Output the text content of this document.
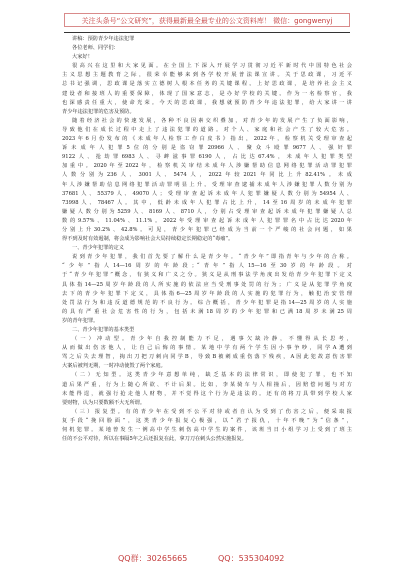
关注头条号“公文研究”，获得最新最全最专业的公文资料库！ 微信：gongwenyj
讲稿：预防青少年违法犯罪
各位老师、同学们：
大家好！
很高兴在这里和大家见面。在全国上下深入开展学习贯彻习近平新时代中国特色社会
主义思想主题教育之际，很荣幸能够来到各学校开展普法课宣讲。关于思政课，习近平
总书记强调，思政课是落实立德树人根本任务的关键课程。上好思政课，是培养社会主义
建设者和接班人的重要保障，体现了国家意志，是办好学校的关键。作为一名检察官，我
也深感责任重大，使命光荣。今天的思政课，我想就预防青少年违法犯罪，给大家讲一讲
青少年违法犯罪的危害及预防。
随着经济社会的快速发展，各种不良因素交织叠加，对青少年的发展产生了负面影响，
导致他们在成长过程中走上了违法犯罪的道路。对个人、家庭和社会产生了较大危害。
2023年6月份发布的《未成年人检察工作白皮书》指出，2022年，检察机关受理审查起
诉未成年人犯罪5位的分别是盗窃罪20966人、聚众斗殴罪9677人、强奸罪
9122人、抢劫罪6983人、寻衅滋事罪6190人，占比达67.4%，未成年人犯罪类型
加重中。2020年至2022年，检察机关审结未成年人涉嫌帮助信息网络犯罪活动罪犯罪
人数分别为236人、3001人、5474人，2022年较2021年同比上升82.41%。未成
年人涉嫌帮助信息网络犯罪活动罪明显上升。受理审查逮捕未成年人涉嫌犯罪人数分别为
37681人、55379人、49070人；受理审查起诉未成年人犯罪嫌疑人数分别为54954人、
73998人、78467人。其中，低龄未成年人犯罪占比上升，14至16周岁的未成年犯罪
嫌疑人数分别为5259人、8169人、8710人，分别占受理审查起诉未成年犯罪嫌疑人总
数的9.57%、11.04%、11.1%。2022年受理审查起诉未成年人犯罪罪名中占比达2020年
分别上升30.2%、42.8%。可见，青少年犯罪已经成为当前一个严峻的社会问题，如果
得不到及时有效遏制，将会成为影响社会大局持续稳定长期稳定的“毒瘤”。
一、青少年犯罪的定义
说到青少年犯罪，我们首先要了解什么是青少年。“青少年”即指青年与少年的合称。
“少年”指人14—16周岁的年龄段；“青年”指人15—16至30岁的年龄段。对
于“青少年犯罪”概念，有狭义和广义之分。狭义是从刑事法学角度出发给青少年犯罪下定义
具体指14—25周岁年龄段的人所实施的依法应当受刑事处罚的行为；广义是从犯罪学角度
去下的青少年犯罪下定义，具体指6—25周岁年龄段的人实施的犯罪行为，触犯治安管理
处罚法行为和违反道德规范的不良行为。综合概括，青少年犯罪是指14—25周岁的人实施
的具有严重社会危害性的行为，包括未满18周岁的少年犯罪和已满18周岁未满25周
岁的青年犯罪。
二、青少年犯罪的基本类型
（一）冲动型。青少年自我控制能力不足，遇事欠缺冷静，不懂得从长思考，
从而做出伤害他人，让自己后悔的事情。某地中学有两个学生因小事争吵，同学A遭到
骂之后失去理智，掏出刀把刀刺向同学B，导致B被刺成重伤落下残疾，A因此犯故意伤害罪
大案后被判无期，一时冲动使毁了两个家庭。
（二）无知型。这类青少年意想单纯，缺乏基本的法律常识，即使犯了罪，也不知
道后果严重，行为上随心所欲、不计后果。比如，李某骑车与人相撞后，因赔偿问题与对方
未能得逞，就强行抢走他人财物，并不觉得这个行为是违法的。还有的将刀具带到学校人家
要财物，认为只要数额不大无所谓。
（三）报复型。有的青少年在受到不公平对待或者自认为受到了伤害之后，便采取报
复手段“挽回脸面”，这类青少年报复心极强，以“君子报仇，十年不晚”为“信条”，
伺机犯罪。某地曾发生一例高中学生刺伤高中学生的案件，该班当日小组学习上受到了班主
任的不公平对待，所以在事隔5年之后还报复在此，拿刀刀在刺头公然实施报复。
QQ群：30265665	QQ：535304092
